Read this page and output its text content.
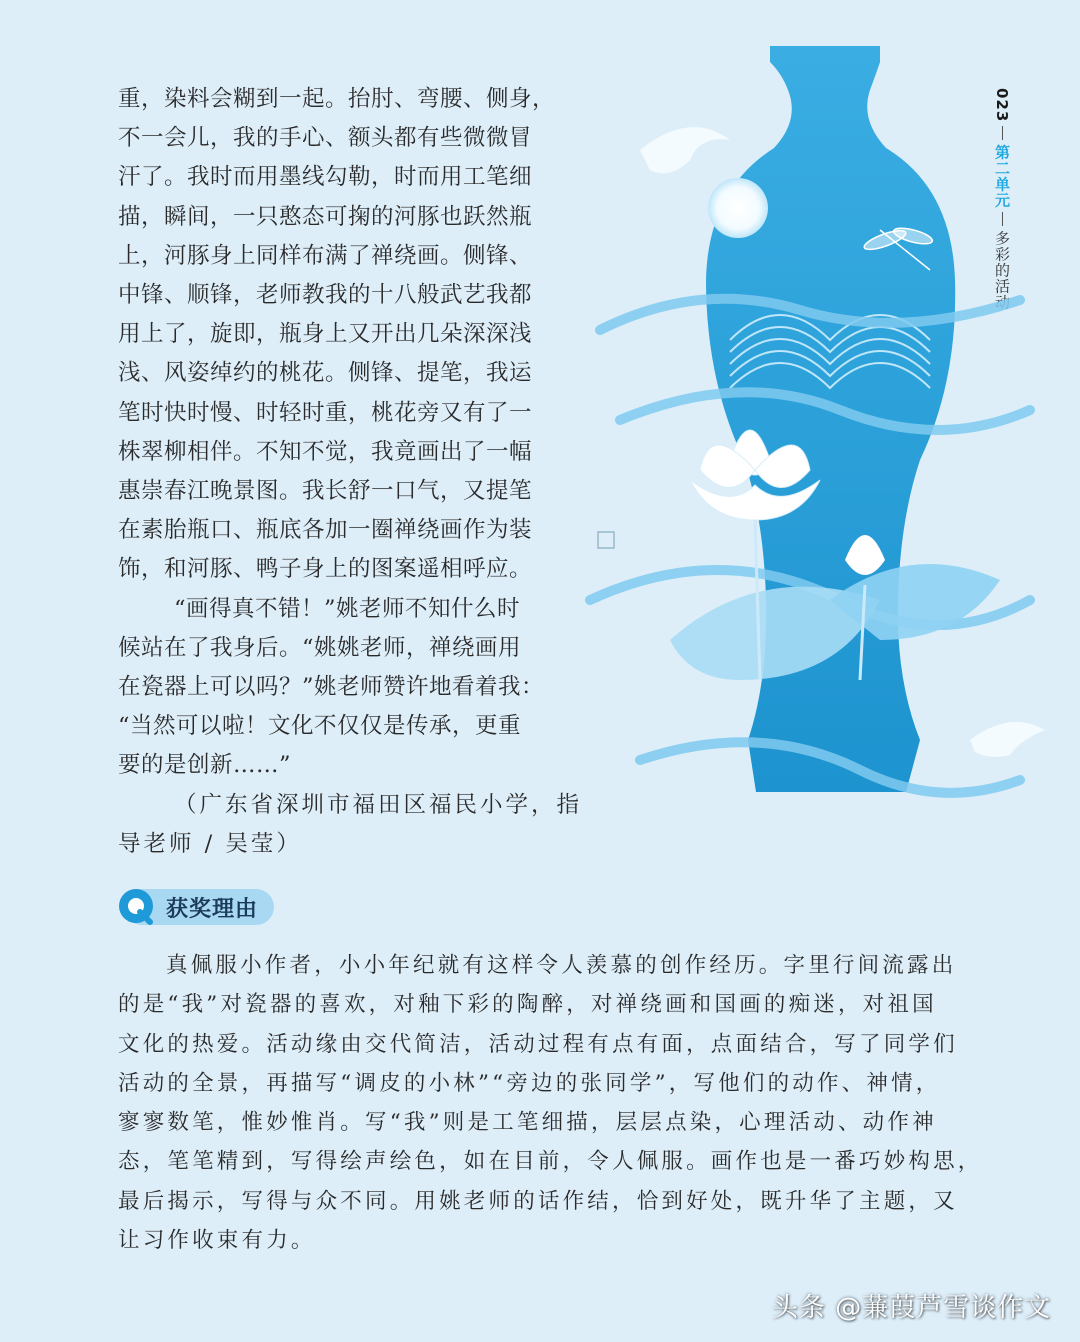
023第二单元多彩的活动
重，染料会糊到一起。抬肘、弯腰、侧身，
不一会儿，我的手心、额头都有些微微冒
汗了。我时而用墨线勾勒，时而用工笔细
描，瞬间，一只憨态可掬的河豚也跃然瓶
上，河豚身上同样布满了禅绕画。侧锋、
中锋、顺锋，老师教我的十八般武艺我都
用上了，旋即，瓶身上又开出几朵深深浅
浅、风姿绰约的桃花。侧锋、提笔，我运
笔时快时慢、时轻时重，桃花旁又有了一
株翠柳相伴。不知不觉，我竟画出了一幅
惠崇春江晚景图。我长舒一口气，又提笔
在素胎瓶口、瓶底各加一圈禅绕画作为装
饰，和河豚、鸭子身上的图案遥相呼应。
“画得真不错！”姚老师不知什么时
候站在了我身后。“姚姚老师，禅绕画用
在瓷器上可以吗？”姚老师赞许地看着我：
“当然可以啦！文化不仅仅是传承，更重
要的是创新……”
（广东省深圳市福田区福民小学，指
导老师 / 吴莹）
获奖理由
真佩服小作者，小小年纪就有这样令人羡慕的创作经历。字里行间流露出
的是“我”对瓷器的喜欢，对釉下彩的陶醉，对禅绕画和国画的痴迷，对祖国
文化的热爱。活动缘由交代简洁，活动过程有点有面，点面结合，写了同学们
活动的全景，再描写“调皮的小林”“旁边的张同学”，写他们的动作、神情，
寥寥数笔，惟妙惟肖。写“我”则是工笔细描，层层点染，心理活动、动作神
态，笔笔精到，写得绘声绘色，如在目前，令人佩服。画作也是一番巧妙构思，
最后揭示，写得与众不同。用姚老师的话作结，恰到好处，既升华了主题，又
让习作收束有力。
头条 @蒹葭芦雪谈作文
